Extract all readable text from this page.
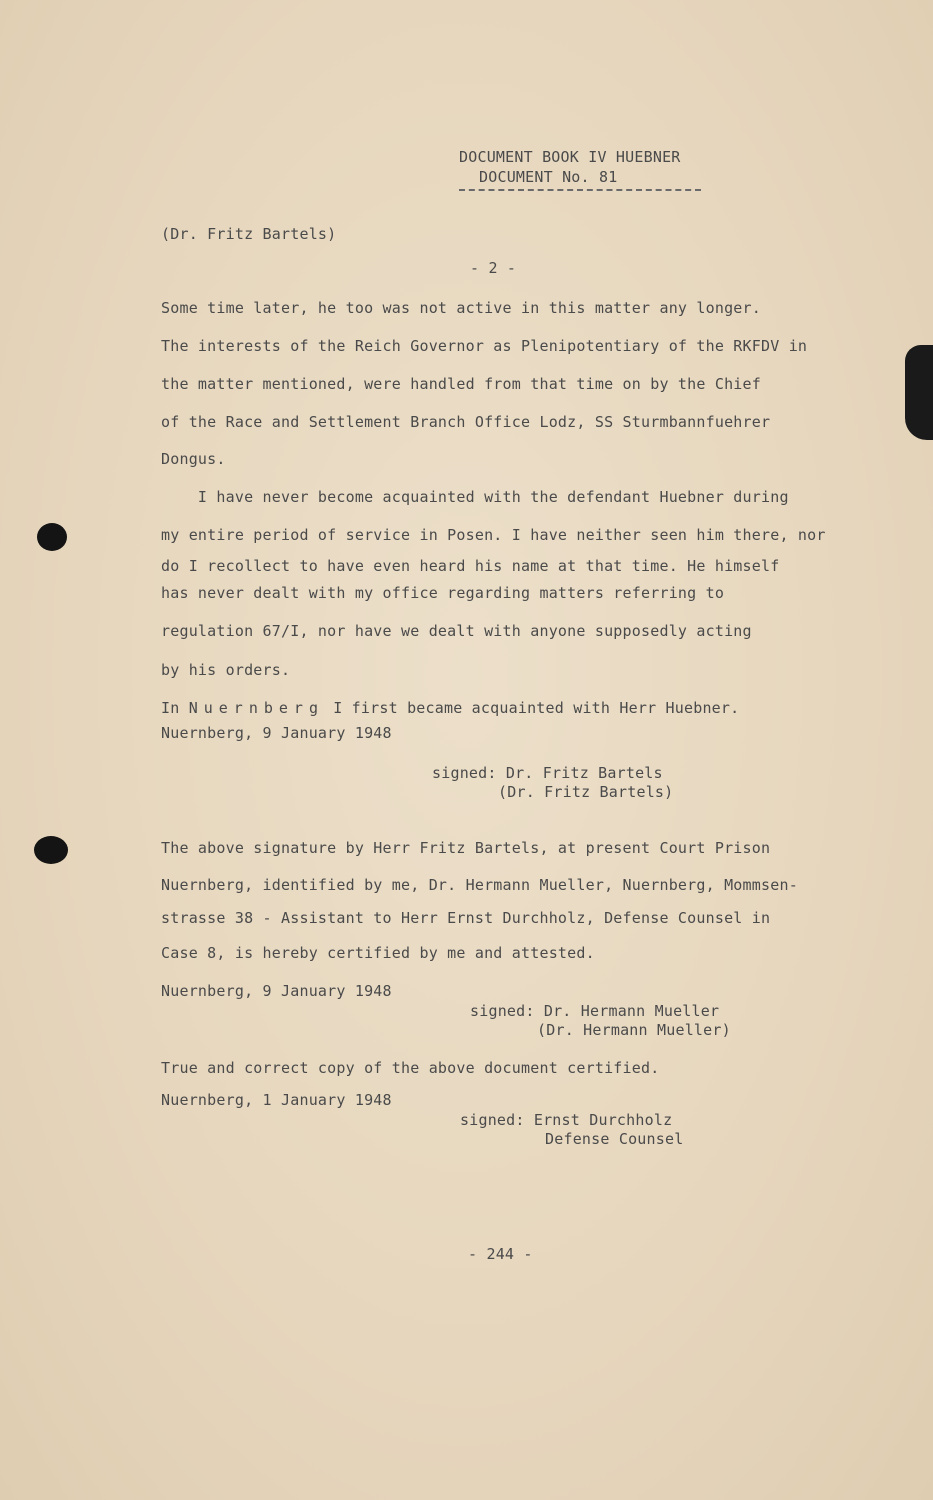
DOCUMENT BOOK IV HUEBNER
DOCUMENT No. 81
(Dr. Fritz Bartels)
- 2 -
Some time later, he too was not active in this matter any longer.
The interests of the Reich Governor as Plenipotentiary of the RKFDV in
the matter mentioned, were handled from that time on by the Chief
of the Race and Settlement Branch Office Lodz, SS Sturmbannfuehrer
Dongus.
I have never become acquainted with the defendant Huebner during
my entire period of service in Posen. I have neither seen him there, nor
do I recollect to have even heard his name at that time. He himself
has never dealt with my office regarding matters referring to
regulation 67/I, nor have we dealt with anyone supposedly acting
by his orders.
In Nuernberg I first became acquainted with Herr Huebner.
Nuernberg, 9 January 1948
signed: Dr. Fritz Bartels
(Dr. Fritz Bartels)
The above signature by Herr Fritz Bartels, at present Court Prison
Nuernberg, identified by me, Dr. Hermann Mueller, Nuernberg, Mommsen-
strasse 38 - Assistant to Herr Ernst Durchholz, Defense Counsel in
Case 8, is hereby certified by me and attested.
Nuernberg, 9 January 1948
signed: Dr. Hermann Mueller
(Dr. Hermann Mueller)
True and correct copy of the above document certified.
Nuernberg, 1 January 1948
signed: Ernst Durchholz
Defense Counsel
- 244 -
